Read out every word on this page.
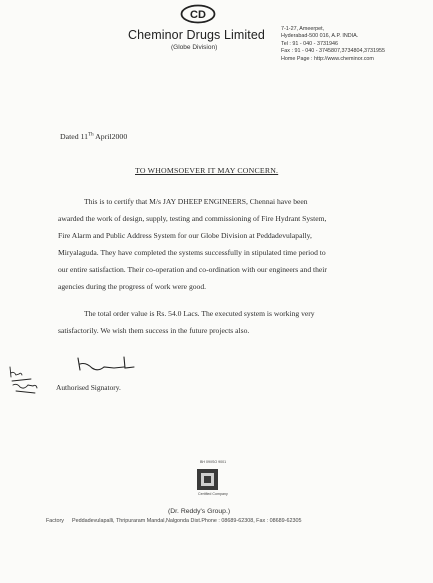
CD
Cheminor Drugs Limited
(Globe Division)
7-1-27, Ameerpet,
Hyderabad-500 016, A.P. INDIA.
Tel : 91 - 040 - 3731946
Fax : 91 - 040 - 3745807,3734804,3731955
Home Page : http://www.cheminor.com
Dated 11Th April2000
TO WHOMSOEVER IT MAY CONCERN.
This is to certify that M/s JAY DHEEP ENGINEERS, Chennai have been
awarded the work of design, supply, testing and commissioning of Fire Hydrant System,
Fire Alarm and Public Address System for our Globe Division at Peddadevulapally,
Miryalaguda. They have completed the systems successfully in stipulated time period to
our entire satisfaction. Their co-operation and co-ordination with our engineers and their
agencies during the progress of work were good.
The total order value is Rs. 54.0 Lacs. The executed system is working very
satisfactorily. We wish them success in the future projects also.
Authorised Signatory.
BH 09/ISO 9001
Certified Company
(Dr. Reddy's Group.)
Factory Peddadevulapalli, Thripuraram Mandal,Nalgonda Dist.Phone : 08689-62308, Fax : 08689-62305
